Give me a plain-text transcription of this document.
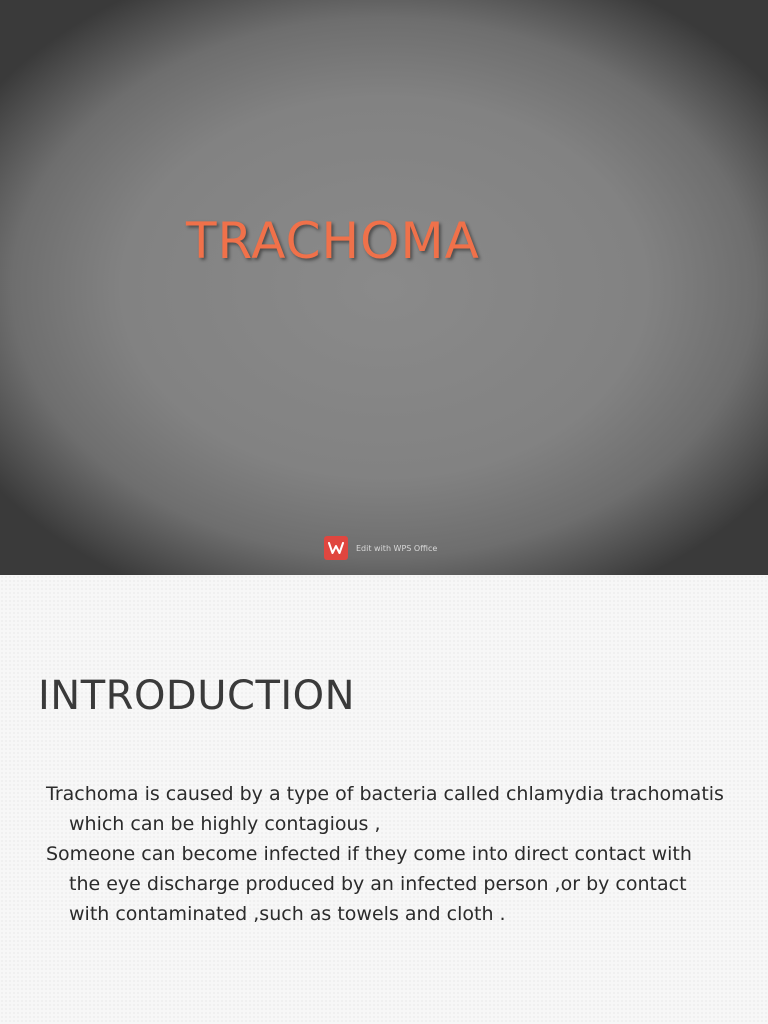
TRACHOMA
Edit with WPS Office
INTRODUCTION
Trachoma is caused by a type of bacteria called chlamydia trachomatis which can be highly contagious ,
Someone can become infected if they come into direct contact with the eye discharge produced by an infected person ,or by contact with contaminated ,such as towels and cloth .
